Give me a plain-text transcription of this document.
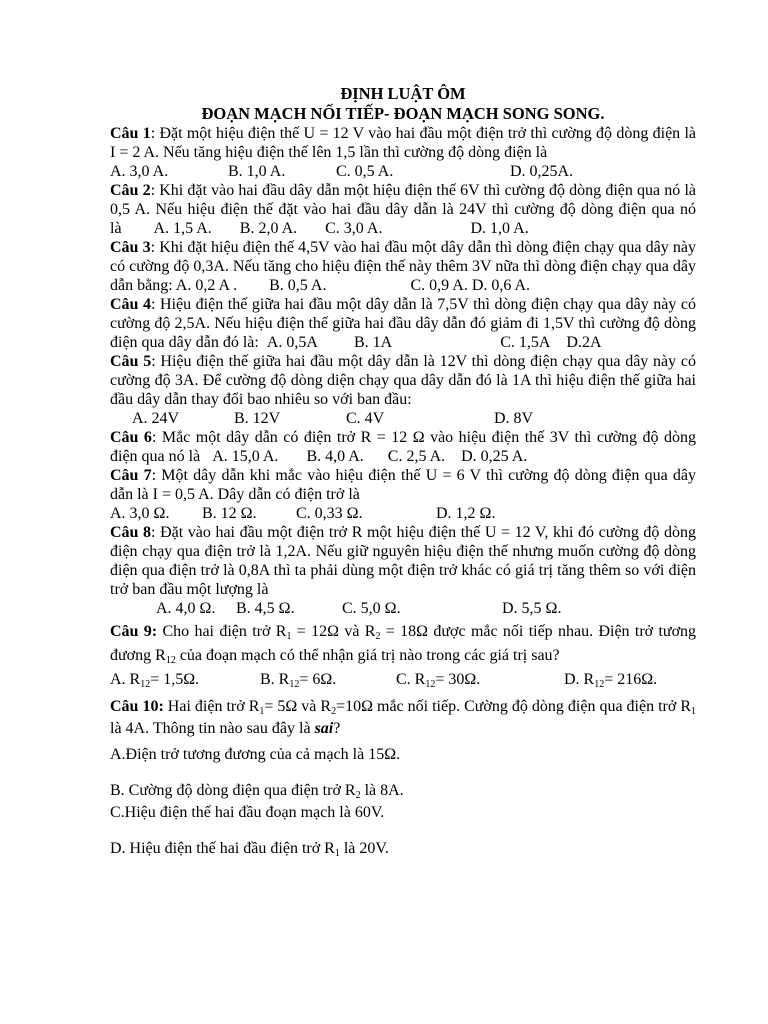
ĐỊNH LUẬT ÔM

ĐOẠN MẠCH NỐI TIẾP- ĐOẠN MẠCH SONG SONG.

Câu 1: Đặt một hiệu điện thế U = 12 V vào hai đầu một điện trở thì cường độ dòng điện là I = 2 A. Nếu tăng hiệu điện thế lên 1,5 lần thì cường độ dòng điện là

A. 3,0 A.	B. 1,0 A.	C. 0,5 A.	D. 0,25A.

Câu 2: Khi đặt vào hai đầu dây dẫn một hiệu điện thế 6V thì cường độ dòng điện qua nó là 0,5 A. Nếu hiệu điện thế đặt vào hai đầu dây dẫn là 24V thì cường độ dòng điện qua nó là A. 1,5 A. B. 2,0 A. C. 3,0 A.	D. 1,0 A.

Câu 3: Khi đặt hiệu điện thế 4,5V vào hai đầu một dây dẫn thì dòng điện chạy qua dây này có cường độ 0,3A. Nếu tăng cho hiệu điện thế này thêm 3V nữa thì dòng điện chạy qua dây dẫn bằng: A. 0,2 A . B. 0,5 A.	C. 0,9 A. D. 0,6 A.

Câu 4: Hiệu điện thế giữa hai đầu một dây dẫn là 7,5V thì dòng điện chạy qua dây này có cường độ 2,5A. Nếu hiệu điện thế giữa hai đầu dây dẫn đó giảm đi 1,5V thì cường độ dòng điện qua dây dẫn đó là: A. 0,5A B. 1A	C. 1,5A D.2A

Câu 5: Hiệu điện thế giữa hai đầu một dây dẫn là 12V thì dòng điện chạy qua dây này có cường độ 3A. Để cường độ dòng diện chạy qua dây dẫn đó là 1A thì hiệu điện thế giữa hai đầu dây dẫn thay đổi bao nhiêu so với ban đầu:

A. 24V	B. 12V	C. 4V	D. 8V

Câu 6: Mắc một dây dẫn có điện trở R = 12 Ω vào hiệu điện thế 3V thì cường độ dòng điện qua nó là A. 15,0 A. B. 4,0 A. C. 2,5 A. D. 0,25 A.

Câu 7: Một dây dẫn khi mắc vào hiệu điện thế U = 6 V thì cường độ dòng điện qua dây dẫn là I = 0,5 A. Dây dẫn có điện trở là

A. 3,0 Ω.	B. 12 Ω.	C. 0,33 Ω.	D. 1,2 Ω.

Câu 8: Đặt vào hai đầu một điện trở R một hiệu điện thế U = 12 V, khi đó cường độ dòng điện chạy qua điện trở là 1,2A. Nếu giữ nguyên hiệu điện thế nhưng muốn cường độ dòng điện qua điện trở là 0,8A thì ta phải dùng một điện trở khác có giá trị tăng thêm so với điện trở ban đầu một lượng là

A. 4,0 Ω.	B. 4,5 Ω.	C. 5,0 Ω.	D. 5,5 Ω.

Câu 9: Cho hai điện trở $R_1 = 12\Omega$ và $R_2 = 18\Omega$ được mắc nối tiếp nhau. Điện trở tương đương $R_{12}$ của đoạn mạch có thể nhận giá trị nào trong các giá trị sau?

A. $R_{12}= 1,5\Omega$.	B. $R_{12}= 6\Omega$.	C. $R_{12}= 30\Omega$.	D. $R_{12}= 216\Omega$.

Câu 10: Hai điện trở $R_1= 5\Omega$ và $R_2=10\Omega$ mắc nối tiếp. Cường độ dòng điện qua điện trở $R_1$ là 4A. Thông tin nào sau đây là sai?

A.Điện trở tương đương của cả mạch là 15Ω.

B. Cường độ dòng điện qua điện trở $R_2$ là 8A.

C.Hiệu điện thế hai đầu đoạn mạch là 60V.

D. Hiệu điện thế hai đầu điện trở $R_1$ là 20V.
